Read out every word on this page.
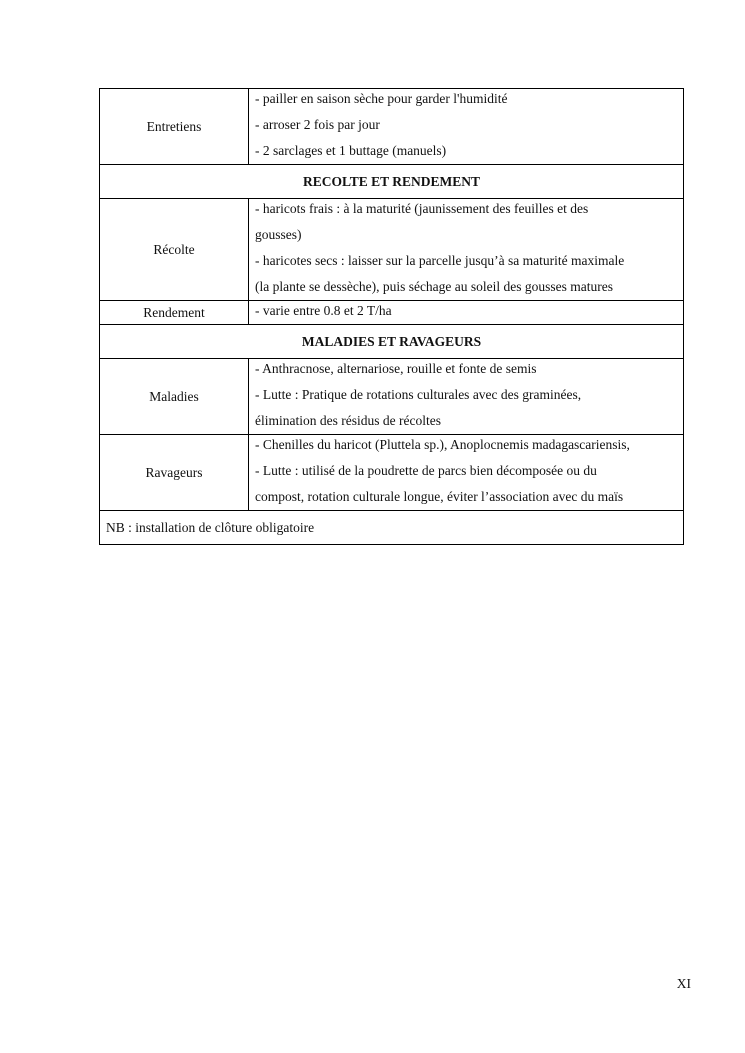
Entretiens	- pailler en saison sèche pour garder l'humidité
- arroser 2 fois par jour
- 2 sarclages et 1 buttage (manuels)

RECOLTE ET RENDEMENT	
Récolte	- haricots frais : à la maturité (jaunissement des feuilles et des
gousses)
- haricotes secs : laisser sur la parcelle jusqu’à sa maturité maximale
(la plante se dessèche), puis séchage au soleil des gousses matures

Rendement	- varie entre 0.8 et 2 T/ha

MALADIES ET RAVAGEURS	
Maladies	- Anthracnose, alternariose, rouille et fonte de semis
- Lutte : Pratique de rotations culturales avec des graminées,
élimination des résidus de récoltes

Ravageurs	- Chenilles du haricot (Pluttela sp.), Anoplocnemis madagascariensis,
- Lutte : utilisé de la poudrette de parcs bien décomposée ou du
compost, rotation culturale longue, éviter l’association avec du maïs

NB : installation de clôture obligatoire	
XI
